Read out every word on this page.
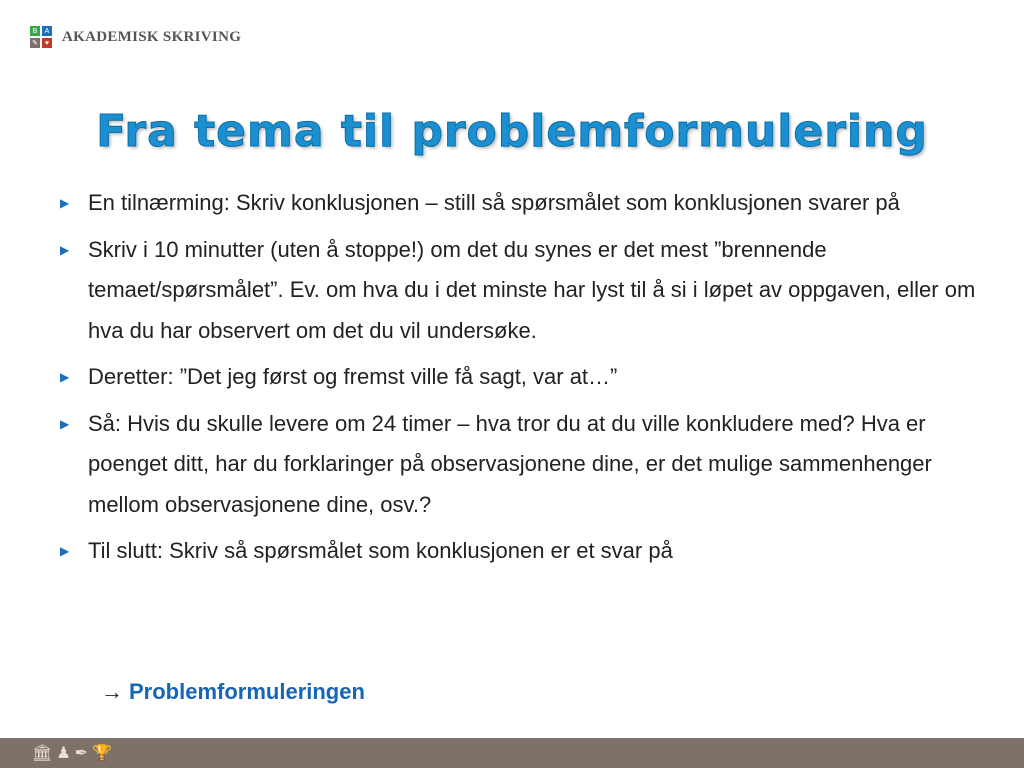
B	A
✎ ♥ AKADEMISK SKRIVING
Fra tema til problemformulering
▶ En tilnærming: Skriv konklusjonen – still så spørsmålet som konklusjonen svarer på
▶ Skriv i 10 minutter (uten å stoppe!) om det du synes er det mest ”brennende temaet/spørsmålet”. Ev. om hva du i det minste har lyst til å si i løpet av oppgaven, eller om hva du har observert om det du vil undersøke.
▶ Deretter: ”Det jeg først og fremst ville få sagt, var at…”
▶ Så: Hvis du skulle levere om 24 timer – hva tror du at du ville konkludere med? Hva er poenget ditt, har du forklaringer på observasjonene dine, er det mulige sammenhenger mellom observasjonene dine, osv.?
▶ Til slutt: Skriv så spørsmålet som konklusjonen er et svar på
→ Problemformuleringen
🏛 ♟ ✒ 🏆
